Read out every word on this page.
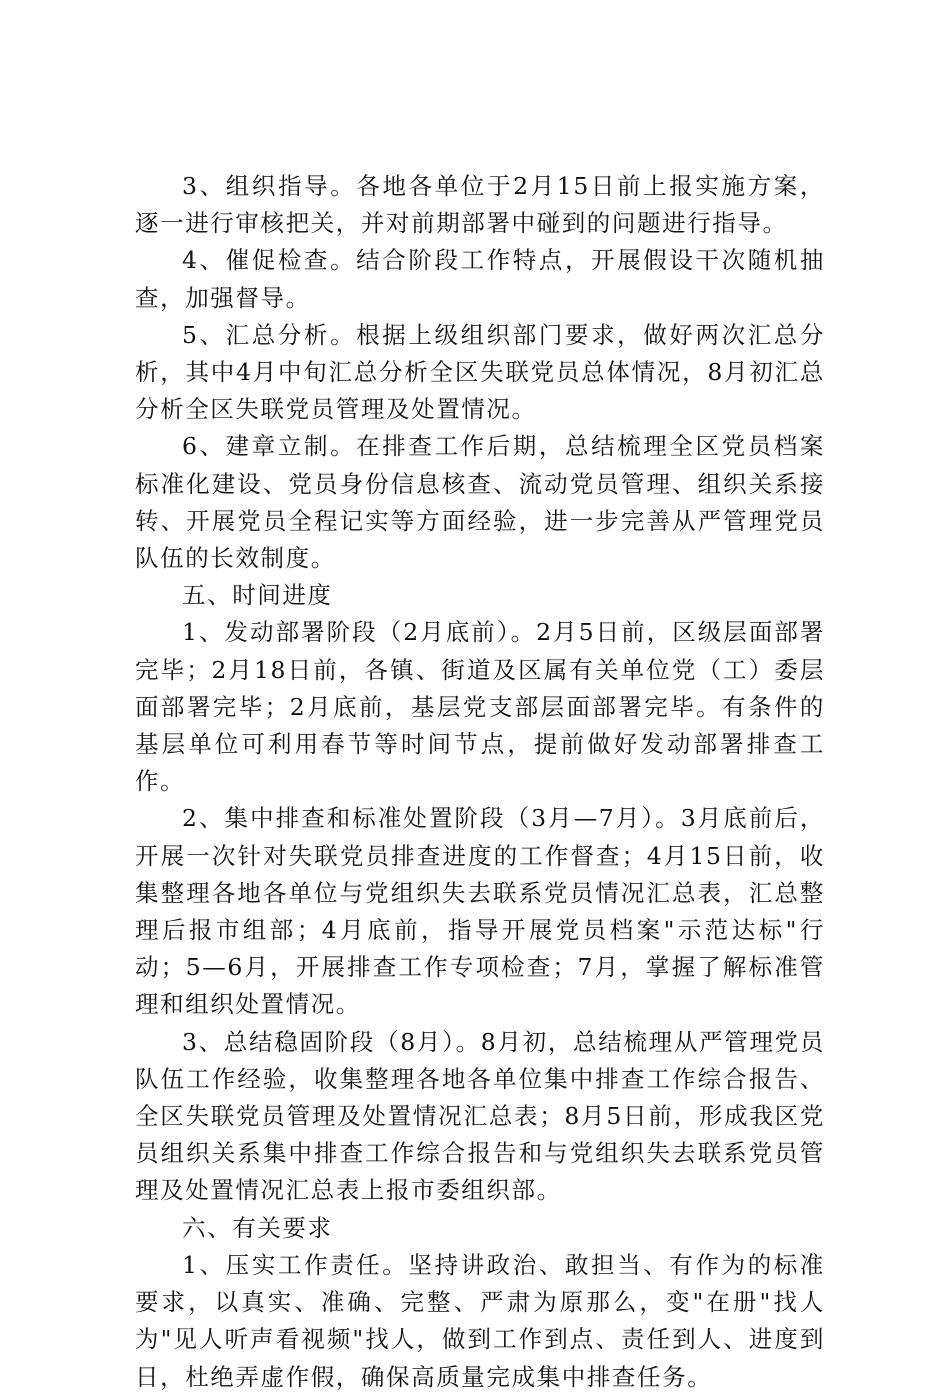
3、组织指导。各地各单位于2月15日前上报实施方案，逐一进行审核把关，并对前期部署中碰到的问题进行指导。

4、催促检查。结合阶段工作特点，开展假设干次随机抽查，加强督导。

5、汇总分析。根据上级组织部门要求，做好两次汇总分析，其中4月中旬汇总分析全区失联党员总体情况，8月初汇总分析全区失联党员管理及处置情况。

6、建章立制。在排查工作后期，总结梳理全区党员档案标准化建设、党员身份信息核查、流动党员管理、组织关系接转、开展党员全程记实等方面经验，进一步完善从严管理党员队伍的长效制度。

五、时间进度

1、发动部署阶段（2月底前）。2月5日前，区级层面部署完毕；2月18日前，各镇、街道及区属有关单位党（工）委层面部署完毕；2月底前，基层党支部层面部署完毕。有条件的基层单位可利用春节等时间节点，提前做好发动部署排查工作。

2、集中排查和标准处置阶段（3月—7月）。3月底前后，开展一次针对失联党员排查进度的工作督查；4月15日前，收集整理各地各单位与党组织失去联系党员情况汇总表，汇总整理后报市组部；4月底前，指导开展党员档案"示范达标"行动；5—6月，开展排查工作专项检查；7月，掌握了解标准管理和组织处置情况。

3、总结稳固阶段（8月）。8月初，总结梳理从严管理党员队伍工作经验，收集整理各地各单位集中排查工作综合报告、全区失联党员管理及处置情况汇总表；8月5日前，形成我区党员组织关系集中排查工作综合报告和与党组织失去联系党员管理及处置情况汇总表上报市委组织部。

六、有关要求

1、压实工作责任。坚持讲政治、敢担当、有作为的标准要求，以真实、准确、完整、严肃为原那么，变"在册"找人为"见人听声看视频"找人，做到工作到点、责任到人、进度到日，杜绝弄虚作假，确保高质量完成集中排查任务。
